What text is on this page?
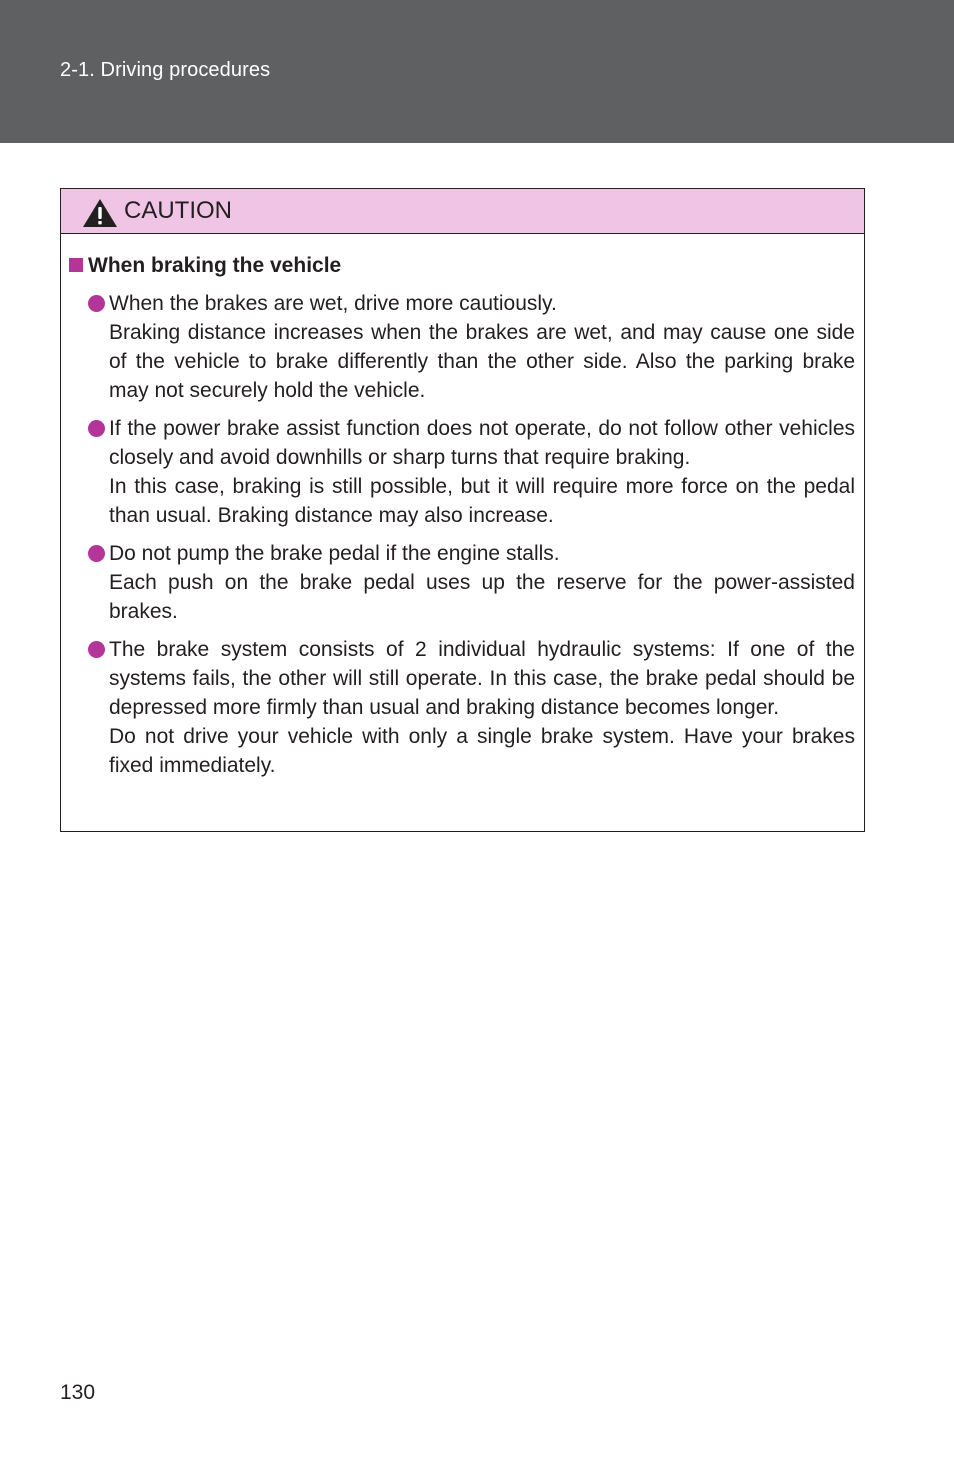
2-1. Driving procedures
CAUTION
When braking the vehicle

When the brakes are wet, drive more cautiously.

Braking distance increases when the brakes are wet, and may cause one side of the vehicle to brake differently than the other side. Also the parking brake may not securely hold the vehicle.

If the power brake assist function does not operate, do not follow other vehicles closely and avoid downhills or sharp turns that require braking.

In this case, braking is still possible, but it will require more force on the pedal than usual. Braking distance may also increase.

Do not pump the brake pedal if the engine stalls.

Each push on the brake pedal uses up the reserve for the power-assisted brakes.

The brake system consists of 2 individual hydraulic systems: If one of the systems fails, the other will still operate. In this case, the brake pedal should be depressed more firmly than usual and braking distance becomes longer.

Do not drive your vehicle with only a single brake system. Have your brakes fixed immediately.

130
